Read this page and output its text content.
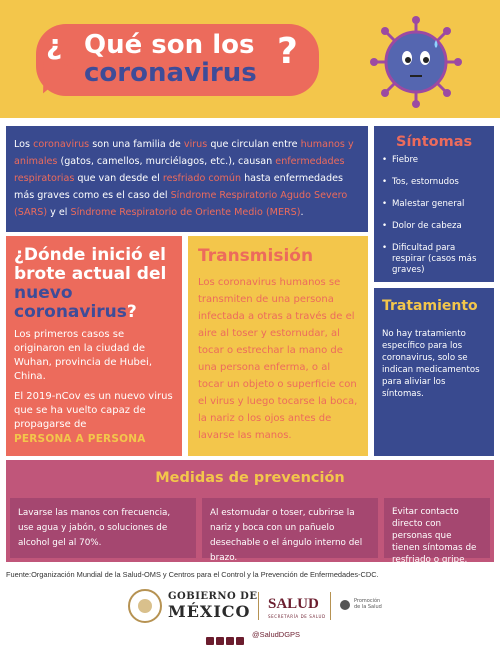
¿ Qué son los
coronavirus
?

Los coronavirus son una familia de virus que circulan entre humanos y animales (gatos, camellos, murciélagos, etc.), causan enfermedades respiratorias que van desde el resfriado común hasta enfermedades más graves como es el caso del Síndrome Respiratorio Agudo Severo (SARS) y el Síndrome Respiratorio de Oriente Medio (MERS).

Síntomas
• Fiebre
• Tos, estornudos
• Malestar general
• Dolor de cabeza
• Dificultad para respirar (casos más graves)
¿Dónde inició el brote actual del nuevo coronavirus?

Los primeros casos se originaron en la ciudad de Wuhan, provincia de Hubei, China.

El 2019-nCov es un nuevo virus que se ha vuelto capaz de propagarse de
PERSONA A PERSONA

Transmisión

Los coronavirus humanos se transmiten de una persona infectada a otras a través de el aire al toser y estornudar, al tocar o estrechar la mano de una persona enferma, o al tocar un objeto o superficie con el virus y luego tocarse la boca, la nariz o los ojos antes de lavarse las manos.

Tratamiento

No hay tratamiento específico para los coronavirus, solo se indican medicamentos para aliviar los síntomas.

Medidas de prevención
Lavarse las manos con frecuencia, use agua y jabón, o soluciones de alcohol gel al 70%.
Al estornudar o toser, cubrirse la nariz y boca con un pañuelo desechable o el ángulo interno del brazo.
Evitar contacto directo con personas que tienen síntomas de resfriado o gripe.
Fuente:Organización Mundial de la Salud-OMS y Centros para el Control y la Prevención de Enfermedades-CDC.
GOBIERNO DE
MÉXICO SALUD
SECRETARÍA DE SALUD
Promoción de la Salud
@SaludDGPS
